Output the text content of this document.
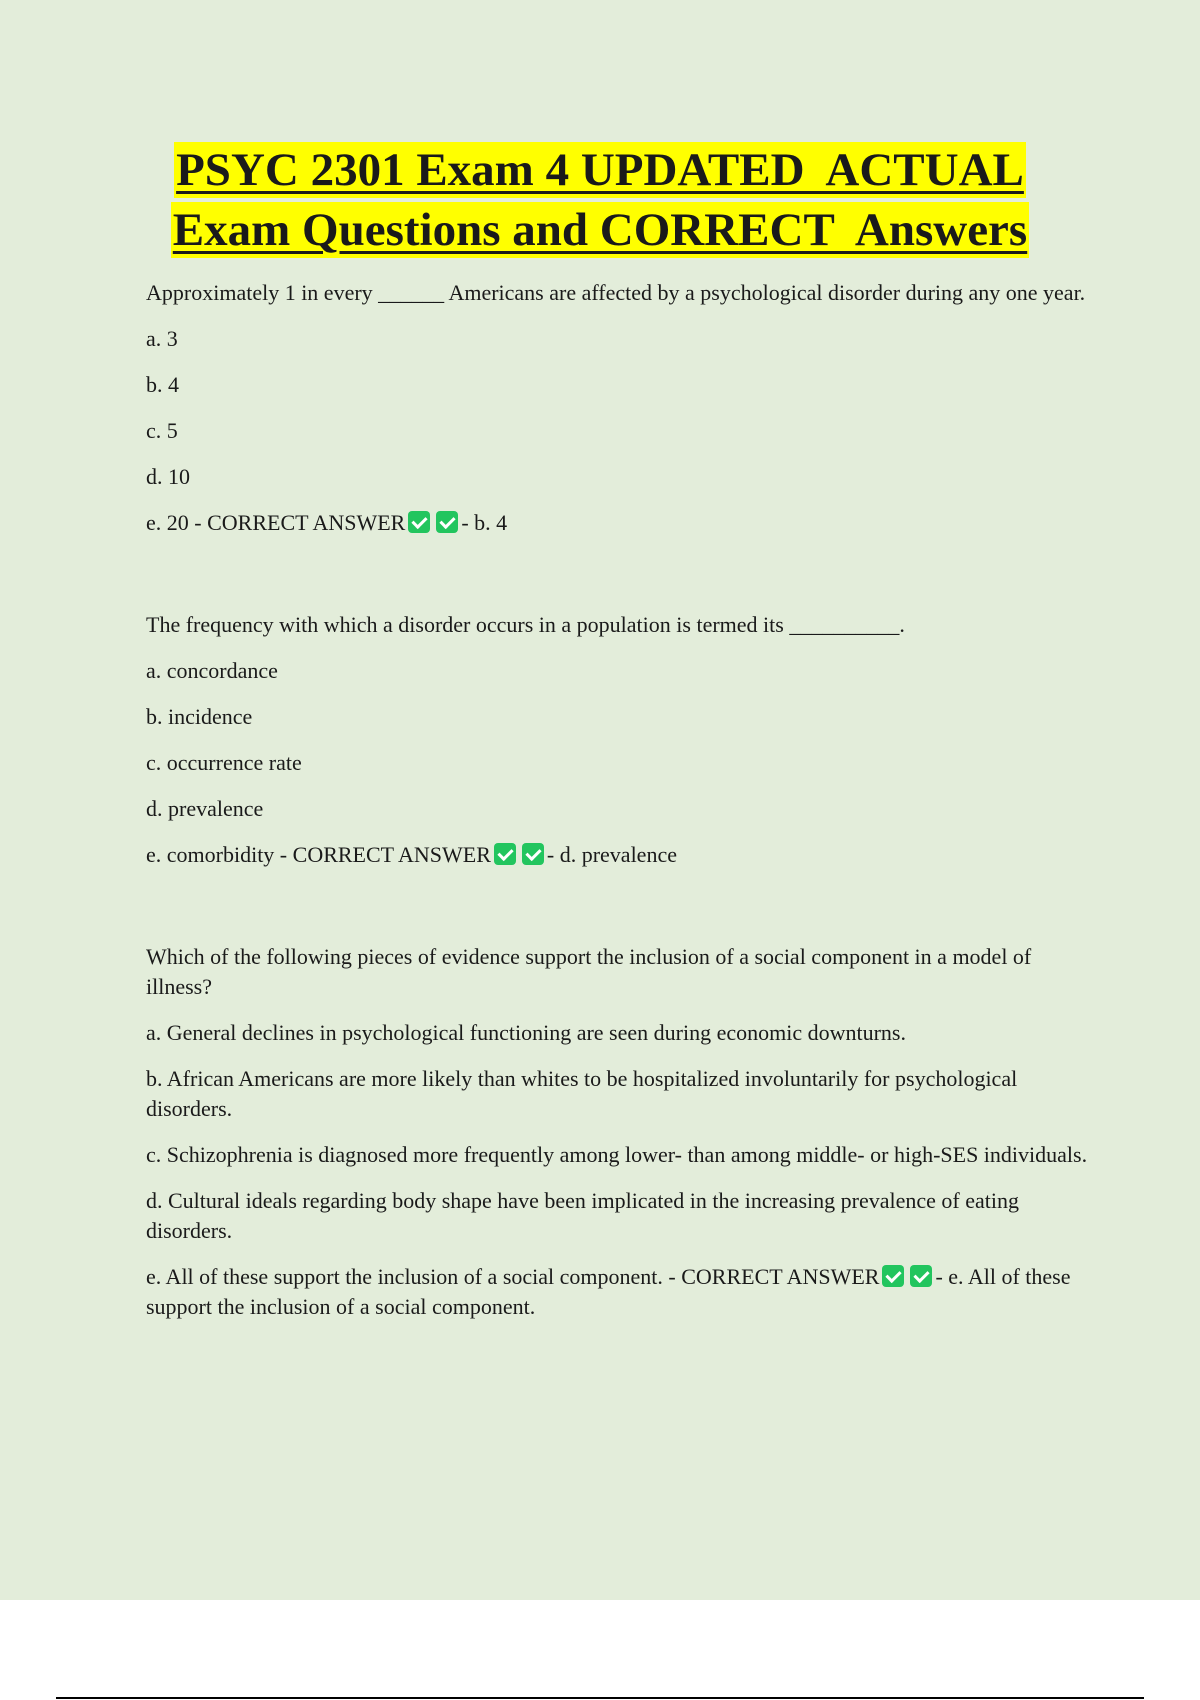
PSYC 2301 Exam 4 UPDATED  ACTUAL
Exam Questions and CORRECT  Answers
Approximately 1 in every ______ Americans are affected by a psychological disorder during any one year.
a. 3
b. 4
c. 5
d. 10
e. 20 - CORRECT ANSWER	- b. 4
The frequency with which a disorder occurs in a population is termed its __________.
a. concordance
b. incidence
c. occurrence rate
d. prevalence
e. comorbidity - CORRECT ANSWER	- d. prevalence
Which of the following pieces of evidence support the inclusion of a social component in a model of illness?
a. General declines in psychological functioning are seen during economic downturns.
b. African Americans are more likely than whites to be hospitalized involuntarily for psychological disorders.
c. Schizophrenia is diagnosed more frequently among lower- than among middle- or high-SES individuals.
d. Cultural ideals regarding body shape have been implicated in the increasing prevalence of eating disorders.
e. All of these support the inclusion of a social component. - CORRECT ANSWER	- e. All of these support the inclusion of a social component.
